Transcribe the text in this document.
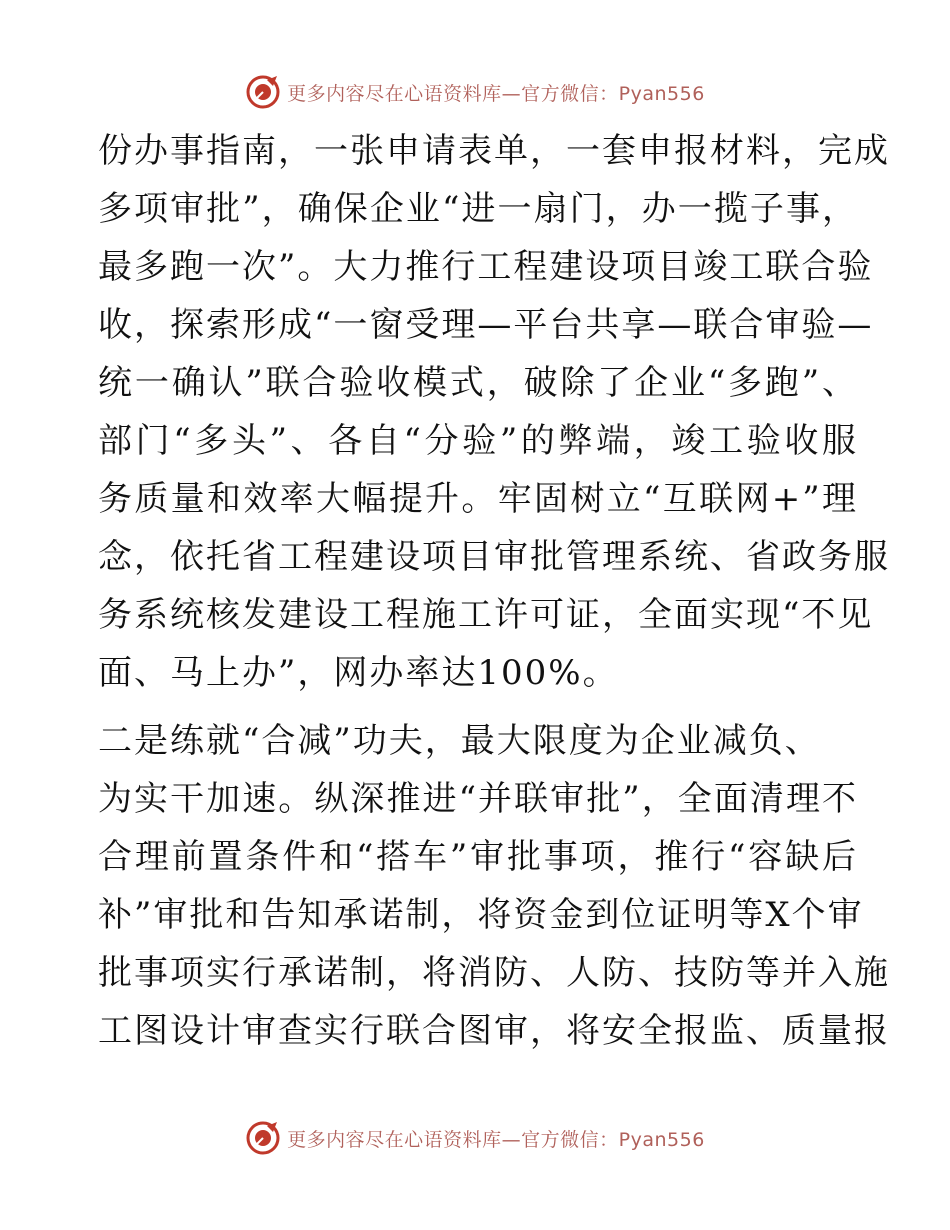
更多内容尽在心语资料库—官方微信：Pyan556
份办事指南，一张申请表单，一套申报材料，完成
多项审批”，确保企业“进一扇门，办一揽子事，
最多跑一次”。大力推行工程建设项目竣工联合验
收，探索形成“一窗受理—平台共享—联合审验—
统一确认”联合验收模式，破除了企业“多跑”、
部门“多头”、各自“分验”的弊端，竣工验收服
务质量和效率大幅提升。牢固树立“互联网+”理
念，依托省工程建设项目审批管理系统、省政务服
务系统核发建设工程施工许可证，全面实现“不见
面、马上办”，网办率达100%。
二是练就“合减”功夫，最大限度为企业减负、
为实干加速。纵深推进“并联审批”，全面清理不
合理前置条件和“搭车”审批事项，推行“容缺后
补”审批和告知承诺制，将资金到位证明等X个审
批事项实行承诺制，将消防、人防、技防等并入施
工图设计审查实行联合图审，将安全报监、质量报
更多内容尽在心语资料库—官方微信：Pyan556
